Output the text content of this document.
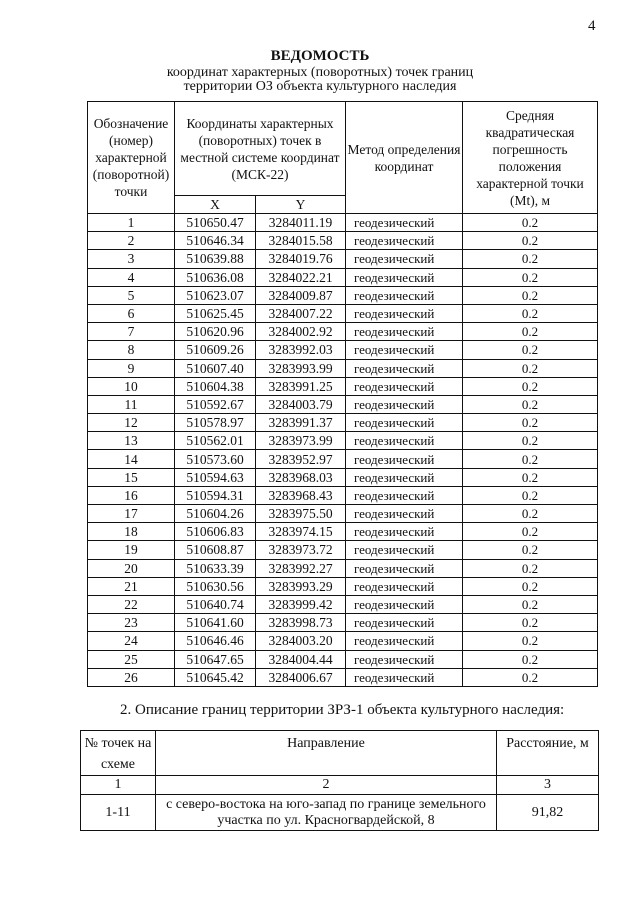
4
ВЕДОМОСТЬ
координат характерных (поворотных) точек границ
территории ОЗ объекта культурного наследия
Обозначение (номер) характерной (поворотной) точки	Координаты характерных (поворотных) точек в местной системе координат (МСК-22)		Метод определения координат	Средняя квадратическая погрешность положения характерной точки (Mt), м
	X	Y		
1	510650.47	3284011.19	геодезический	0.2
2	510646.34	3284015.58	геодезический	0.2
3	510639.88	3284019.76	геодезический	0.2
4	510636.08	3284022.21	геодезический	0.2
5	510623.07	3284009.87	геодезический	0.2
6	510625.45	3284007.22	геодезический	0.2
7	510620.96	3284002.92	геодезический	0.2
8	510609.26	3283992.03	геодезический	0.2
9	510607.40	3283993.99	геодезический	0.2
10	510604.38	3283991.25	геодезический	0.2
11	510592.67	3284003.79	геодезический	0.2
12	510578.97	3283991.37	геодезический	0.2
13	510562.01	3283973.99	геодезический	0.2
14	510573.60	3283952.97	геодезический	0.2
15	510594.63	3283968.03	геодезический	0.2
16	510594.31	3283968.43	геодезический	0.2
17	510604.26	3283975.50	геодезический	0.2
18	510606.83	3283974.15	геодезический	0.2
19	510608.87	3283973.72	геодезический	0.2
20	510633.39	3283992.27	геодезический	0.2
21	510630.56	3283993.29	геодезический	0.2
22	510640.74	3283999.42	геодезический	0.2
23	510641.60	3283998.73	геодезический	0.2
24	510646.46	3284003.20	геодезический	0.2
25	510647.65	3284004.44	геодезический	0.2
26	510645.42	3284006.67	геодезический	0.2
2. Описание границ территории ЗРЗ-1 объекта культурного наследия:
№ точек на схеме	Направление	Расстояние, м
1	2	3
1-11	с северо-востока на юго-запад по границе земельного участка по ул. Красногвардейской, 8	91,82
